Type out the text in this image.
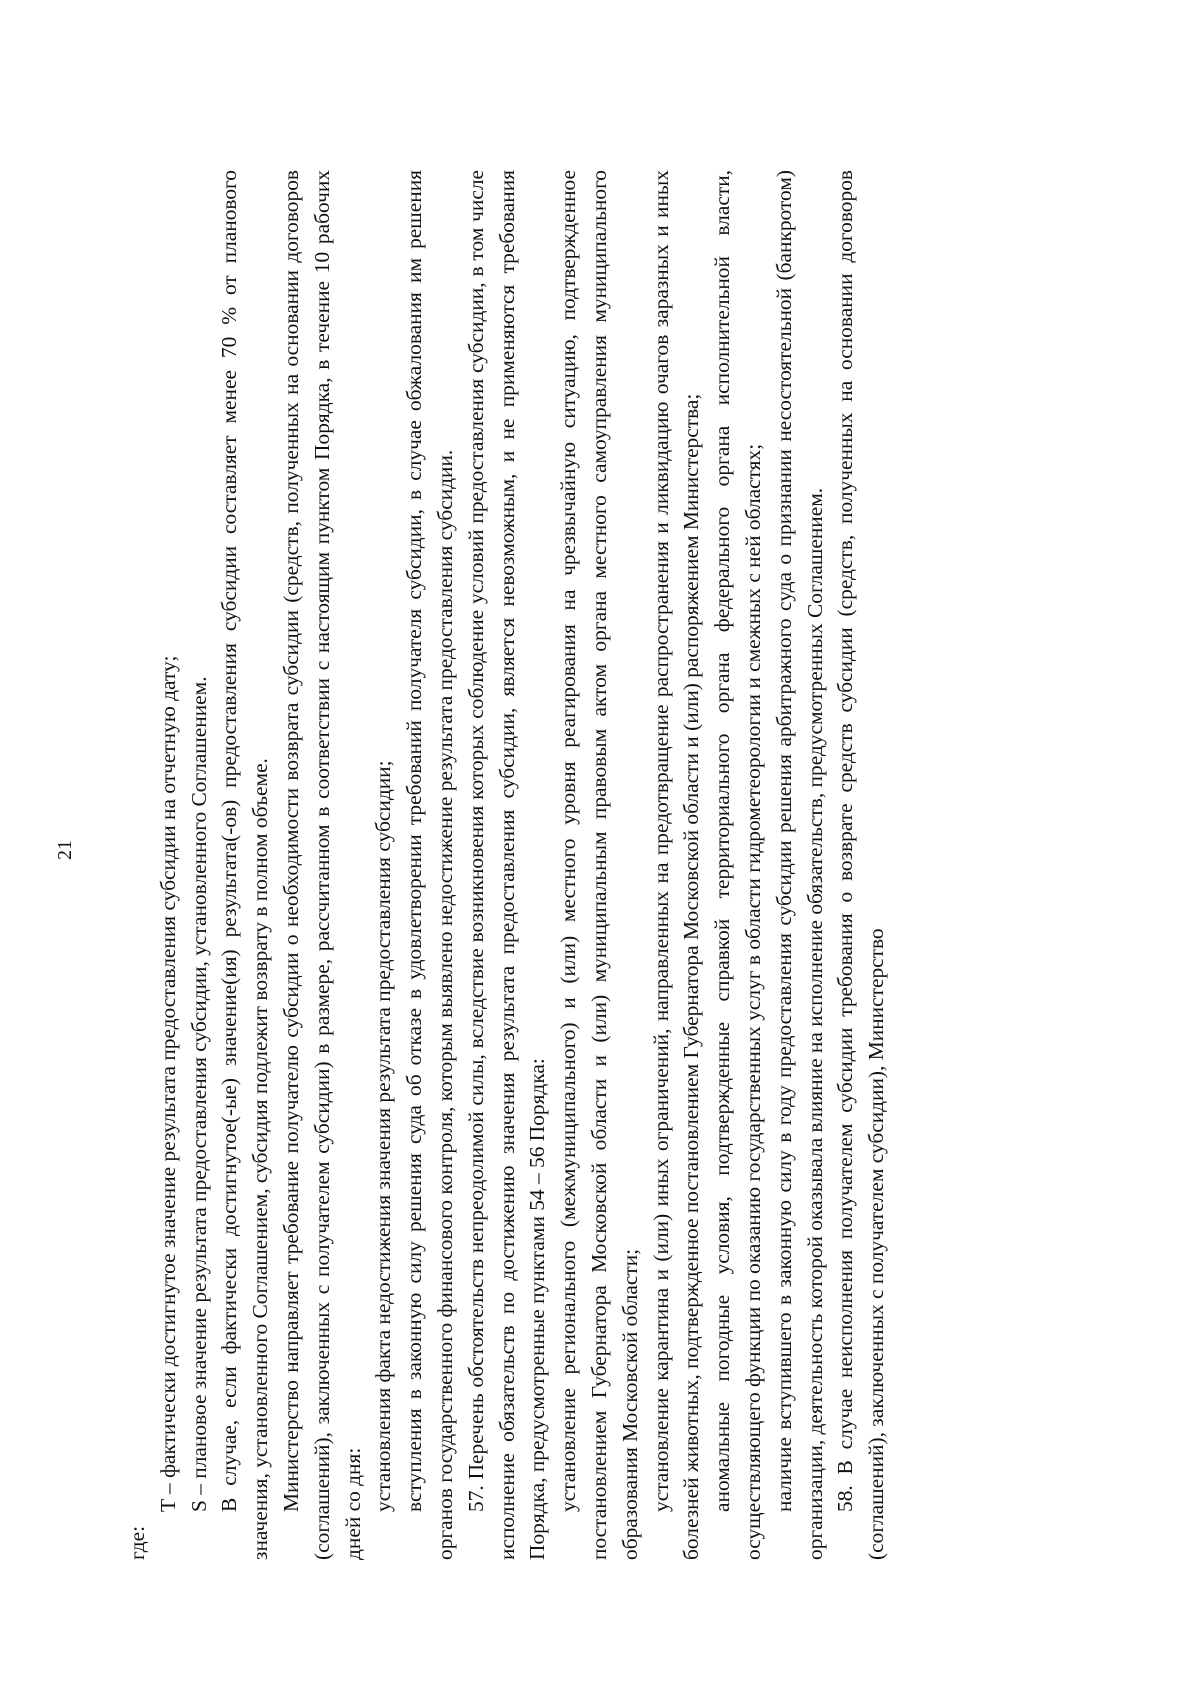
21

где:

T – фактически достигнутое значение результата предоставления субсидии на отчетную дату; S – плановое значение результата предоставления субсидии, установленного Соглашением. В случае, если фактически достигнутое(-ые) значение(ия) результата(-ов) предоставления субсидии составляет менее 70 % от планового значения, установленного Соглашением, субсидия подлежит возврату в полном объеме. Министерство направляет требование получателю субсидии о необходимости возврата субсидии (средств, полученных на основании договоров (соглашений), заключенных с получателем субсидии) в размере, рассчитанном в соответствии с настоящим пунктом Порядка, в течение 10 рабочих дней со дня: установления факта недостижения значения результата предоставления субсидии; вступления в законную силу решения суда об отказе в удовлетворении требований получателя субсидии, в случае обжалования им решения органов государственного финансового контроля, которым выявлено недостижение результата предоставления субсидии. 57. Перечень обстоятельств непреодолимой силы, вследствие возникновения которых соблюдение условий предоставления субсидии, в том числе исполнение обязательств по достижению значения результата предоставления субсидии, является невозможным, и не применяются требования Порядка, предусмотренные пунктами 54 – 56 Порядка: установление регионального (межмуниципального) и (или) местного уровня реагирования на чрезвычайную ситуацию, подтвержденное постановлением Губернатора Московской области и (или) муниципальным правовым актом органа местного самоуправления муниципального образования Московской области; установление карантина и (или) иных ограничений, направленных на предотвращение распространения и ликвидацию очагов заразных и иных болезней животных, подтвержденное постановлением Губернатора Московской области и (или) распоряжением Министерства; аномальные погодные условия, подтвержденные справкой территориального органа федерального органа исполнительной власти, осуществляющего функции по оказанию государственных услуг в области гидрометеорологии и смежных с ней областях; наличие вступившего в законную силу в году предоставления субсидии решения арбитражного суда о признании несостоятельной (банкротом) организации, деятельность которой оказывала влияние на исполнение обязательств, предусмотренных Соглашением. 58. В случае неисполнения получателем субсидии требования о возврате средств субсидии (средств, полученных на основании договоров (соглашений), заключенных с получателем субсидии), Министерство
